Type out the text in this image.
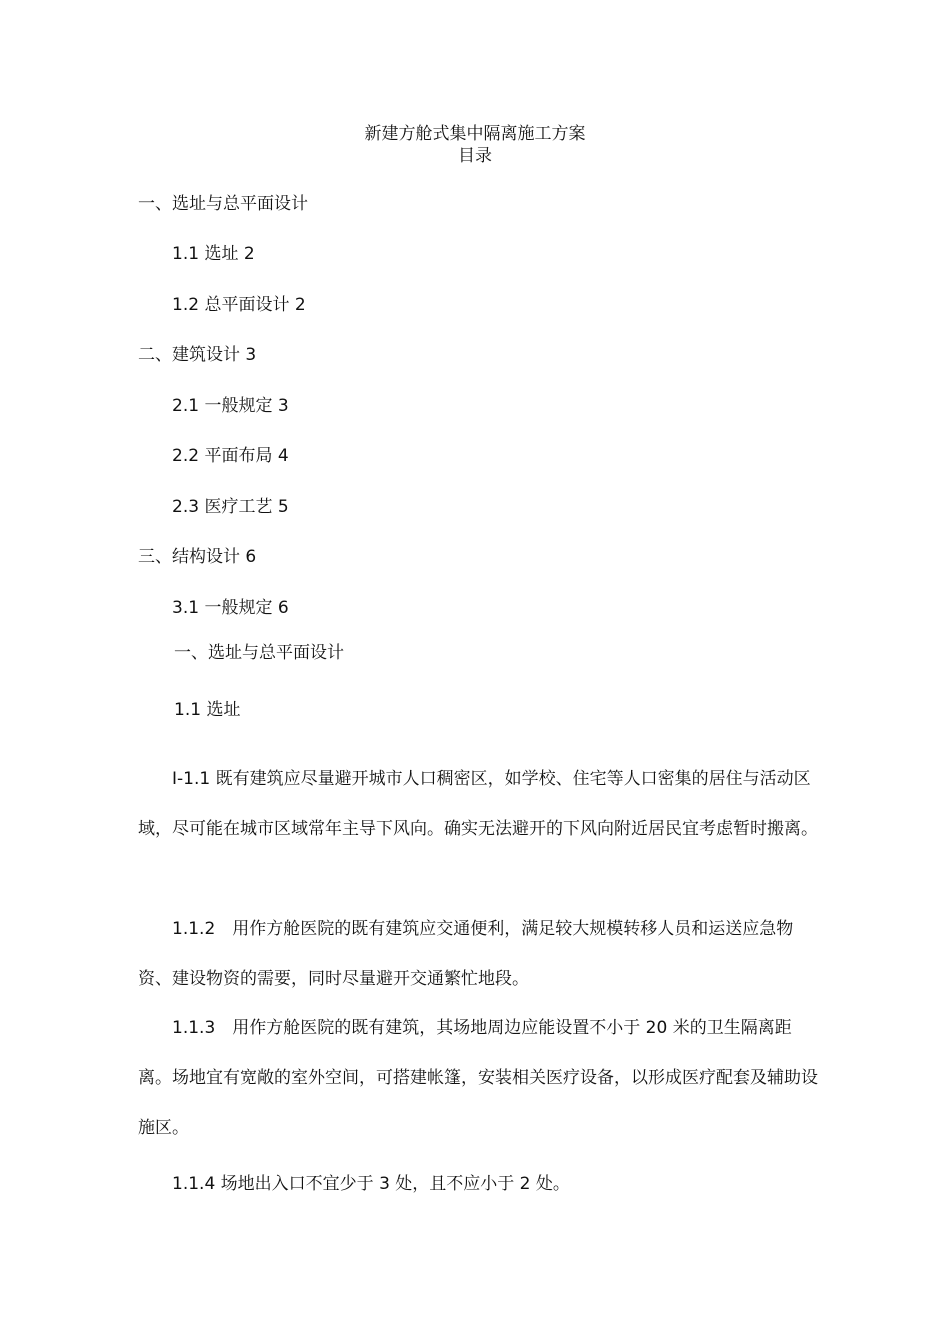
新建方舱式集中隔离施工方案
目录
一、选址与总平面设计
1.1 选址 2
1.2 总平面设计 2
二、建筑设计 3
2.1 一般规定 3
2.2 平面布局 4
2.3 医疗工艺 5
三、结构设计 6
3.1 一般规定 6
一、选址与总平面设计
1.1 选址
I-1.1 既有建筑应尽量避开城市人口稠密区，如学校、住宅等人口密集的居住与活动区域，尽可能在城市区域常年主导下风向。确实无法避开的下风向附近居民宜考虑暂时搬离。
1.1.2　用作方舱医院的既有建筑应交通便利，满足较大规模转移人员和运送应急物资、建设物资的需要，同时尽量避开交通繁忙地段。
1.1.3　用作方舱医院的既有建筑，其场地周边应能设置不小于 20 米的卫生隔离距离。场地宜有宽敞的室外空间，可搭建帐篷，安装相关医疗设备，以形成医疗配套及辅助设施区。
1.1.4 场地出入口不宜少于 3 处，且不应小于 2 处。
